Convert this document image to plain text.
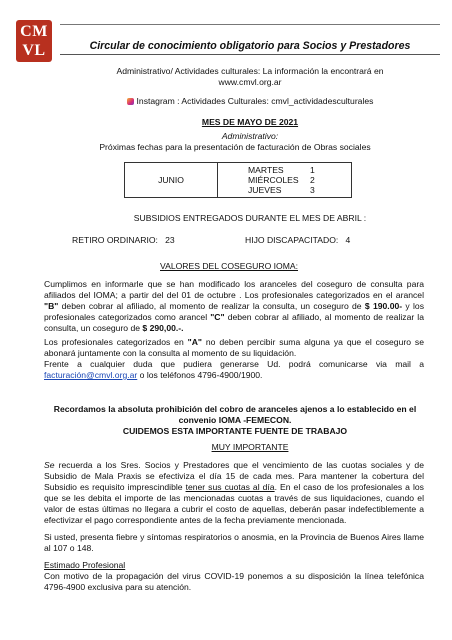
CM
VL	Circular de conocimiento obligatorio para Socios y Prestadores
Administrativo/ Actividades culturales: La información la encontrará en
www.cmvl.org.ar
Instagram : Actividades Culturales: cmvl_actividadesculturales
MES DE MAYO DE 2021
Administrativo:
Próximas fechas para la presentación de facturación de Obras sociales
JUNIO	
MARTES	1
MIÉRCOLES	2
JUEVES	3
SUBSIDIOS ENTREGADOS DURANTE EL MES DE ABRIL :
RETIRO ORDINARIO: 23	HIJO DISCAPACITADO: 4
VALORES DEL COSEGURO IOMA:

Cumplimos en informarle que se han modificado los aranceles del coseguro de consulta para afiliados del IOMA; a partir del del 01 de octubre . Los profesionales categorizados en el arancel "B" deben cobrar al afiliado, al momento de realizar la consulta, un coseguro de $ 190.00- y los profesionales categorizados como arancel "C" deben cobrar al afiliado, al momento de realizar la consulta, un coseguro de $ 290,00.-.

Los profesionales categorizados en "A" no deben percibir suma alguna ya que el coseguro se abonará juntamente con la consulta al momento de su liquidación.

Frente a cualquier duda que pudiera generarse Ud. podrá comunicarse via mail a facturación@cmvl.org.ar o los teléfonos 4796-4900/1900.

Recordamos la absoluta prohibición del cobro de aranceles ajenos a lo establecido en el
convenio IOMA -FEMECON.
CUIDEMOS ESTA IMPORTANTE FUENTE DE TRABAJO
MUY IMPORTANTE

Se recuerda a los Sres. Socios y Prestadores que el vencimiento de las cuotas sociales y de Subsidio de Mala Praxis se efectiviza el día 15 de cada mes. Para mantener la cobertura del Subsidio es requisito imprescindible tener sus cuotas al día. En el caso de los profesionales a los que se les debita el importe de las mencionadas cuotas a través de sus liquidaciones, cuando el valor de estas últimas no llegara a cubrir el costo de aquellas, deberán pasar indefectiblemente a efectivizar el pago correspondiente antes de la fecha previamente mencionada.

Si usted, presenta fiebre y síntomas respiratorios o anosmia, en la Provincia de Buenos Aires llame al 107 o 148.

Estimado Profesional

Con motivo de la propagación del virus COVID-19 ponemos a su disposición la línea telefónica 4796-4900 exclusiva para su atención.
